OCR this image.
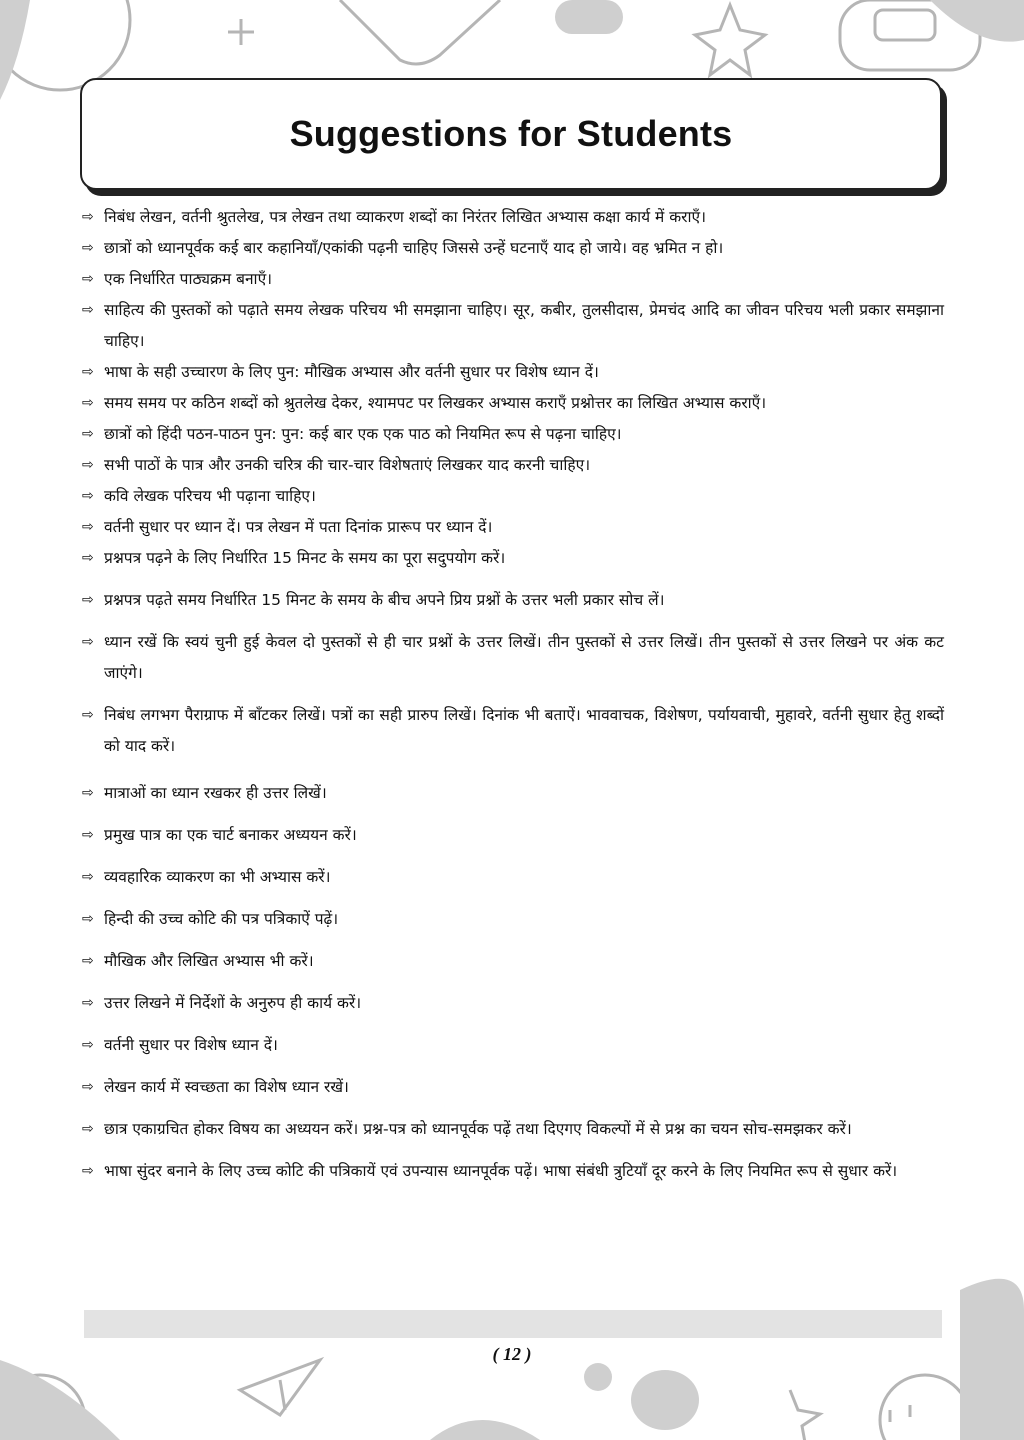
Suggestions for Students
⇨ निबंध लेखन, वर्तनी श्रुतलेख, पत्र लेखन तथा व्याकरण शब्दों का निरंतर लिखित अभ्यास कक्षा कार्य में कराएँ।
⇨ छात्रों को ध्यानपूर्वक कई बार कहानियाँ/एकांकी पढ़नी चाहिए जिससे उन्हें घटनाएँ याद हो जाये। वह भ्रमित न हो।
⇨ एक निर्धारित पाठ्यक्रम बनाएँ।
⇨ साहित्य की पुस्तकों को पढ़ाते समय लेखक परिचय भी समझाना चाहिए। सूर, कबीर, तुलसीदास, प्रेमचंद आदि का जीवन परिचय भली प्रकार समझाना चाहिए।
⇨ भाषा के सही उच्चारण के लिए पुन: मौखिक अभ्यास और वर्तनी सुधार पर विशेष ध्यान दें।
⇨ समय समय पर कठिन शब्दों को श्रुतलेख देकर, श्यामपट पर लिखकर अभ्यास कराएँ प्रश्नोत्तर का लिखित अभ्यास कराएँ।
⇨ छात्रों को हिंदी पठन-पाठन पुन: पुन: कई बार एक एक पाठ को नियमित रूप से पढ़ना चाहिए।
⇨ सभी पाठों के पात्र और उनकी चरित्र की चार-चार विशेषताएं लिखकर याद करनी चाहिए।
⇨ कवि लेखक परिचय भी पढ़ाना चाहिए।
⇨ वर्तनी सुधार पर ध्यान दें। पत्र लेखन में पता दिनांक प्रारूप पर ध्यान दें।
⇨ प्रश्नपत्र पढ़ने के लिए निर्धारित 15 मिनट के समय का पूरा सदुपयोग करें।
⇨ प्रश्नपत्र पढ़ते समय निर्धारित 15 मिनट के समय के बीच अपने प्रिय प्रश्नों के उत्तर भली प्रकार सोच लें।
⇨ ध्यान रखें कि स्वयं चुनी हुई केवल दो पुस्तकों से ही चार प्रश्नों के उत्तर लिखें। तीन पुस्तकों से उत्तर लिखें। तीन पुस्तकों से उत्तर लिखने पर अंक कट जाएंगे।
⇨ निबंध लगभग पैराग्राफ में बाँटकर लिखें। पत्रों का सही प्रारुप लिखें। दिनांक भी बताऐं। भाववाचक, विशेषण, पर्यायवाची, मुहावरे, वर्तनी सुधार हेतु शब्दों को याद करें।
⇨ मात्राओं का ध्यान रखकर ही उत्तर लिखें।
⇨ प्रमुख पात्र का एक चार्ट बनाकर अध्ययन करें।
⇨ व्यवहारिक व्याकरण का भी अभ्यास करें।
⇨ हिन्दी की उच्च कोटि की पत्र पत्रिकाऐं पढ़ें।
⇨ मौखिक और लिखित अभ्यास भी करें।
⇨ उत्तर लिखने में निर्देशों के अनुरुप ही कार्य करें।
⇨ वर्तनी सुधार पर विशेष ध्यान दें।
⇨ लेखन कार्य में स्वच्छता का विशेष ध्यान रखें।
⇨ छात्र एकाग्रचित होकर विषय का अध्ययन करें। प्रश्न-पत्र को ध्यानपूर्वक पढ़ें तथा दिएगए विकल्पों में से प्रश्न का चयन सोच-समझकर करें।
⇨ भाषा सुंदर बनाने के लिए उच्च कोटि की पत्रिकायें एवं उपन्यास ध्यानपूर्वक पढ़ें। भाषा संबंधी त्रुटियाँ दूर करने के लिए नियमित रूप से सुधार करें।
( 12 )
